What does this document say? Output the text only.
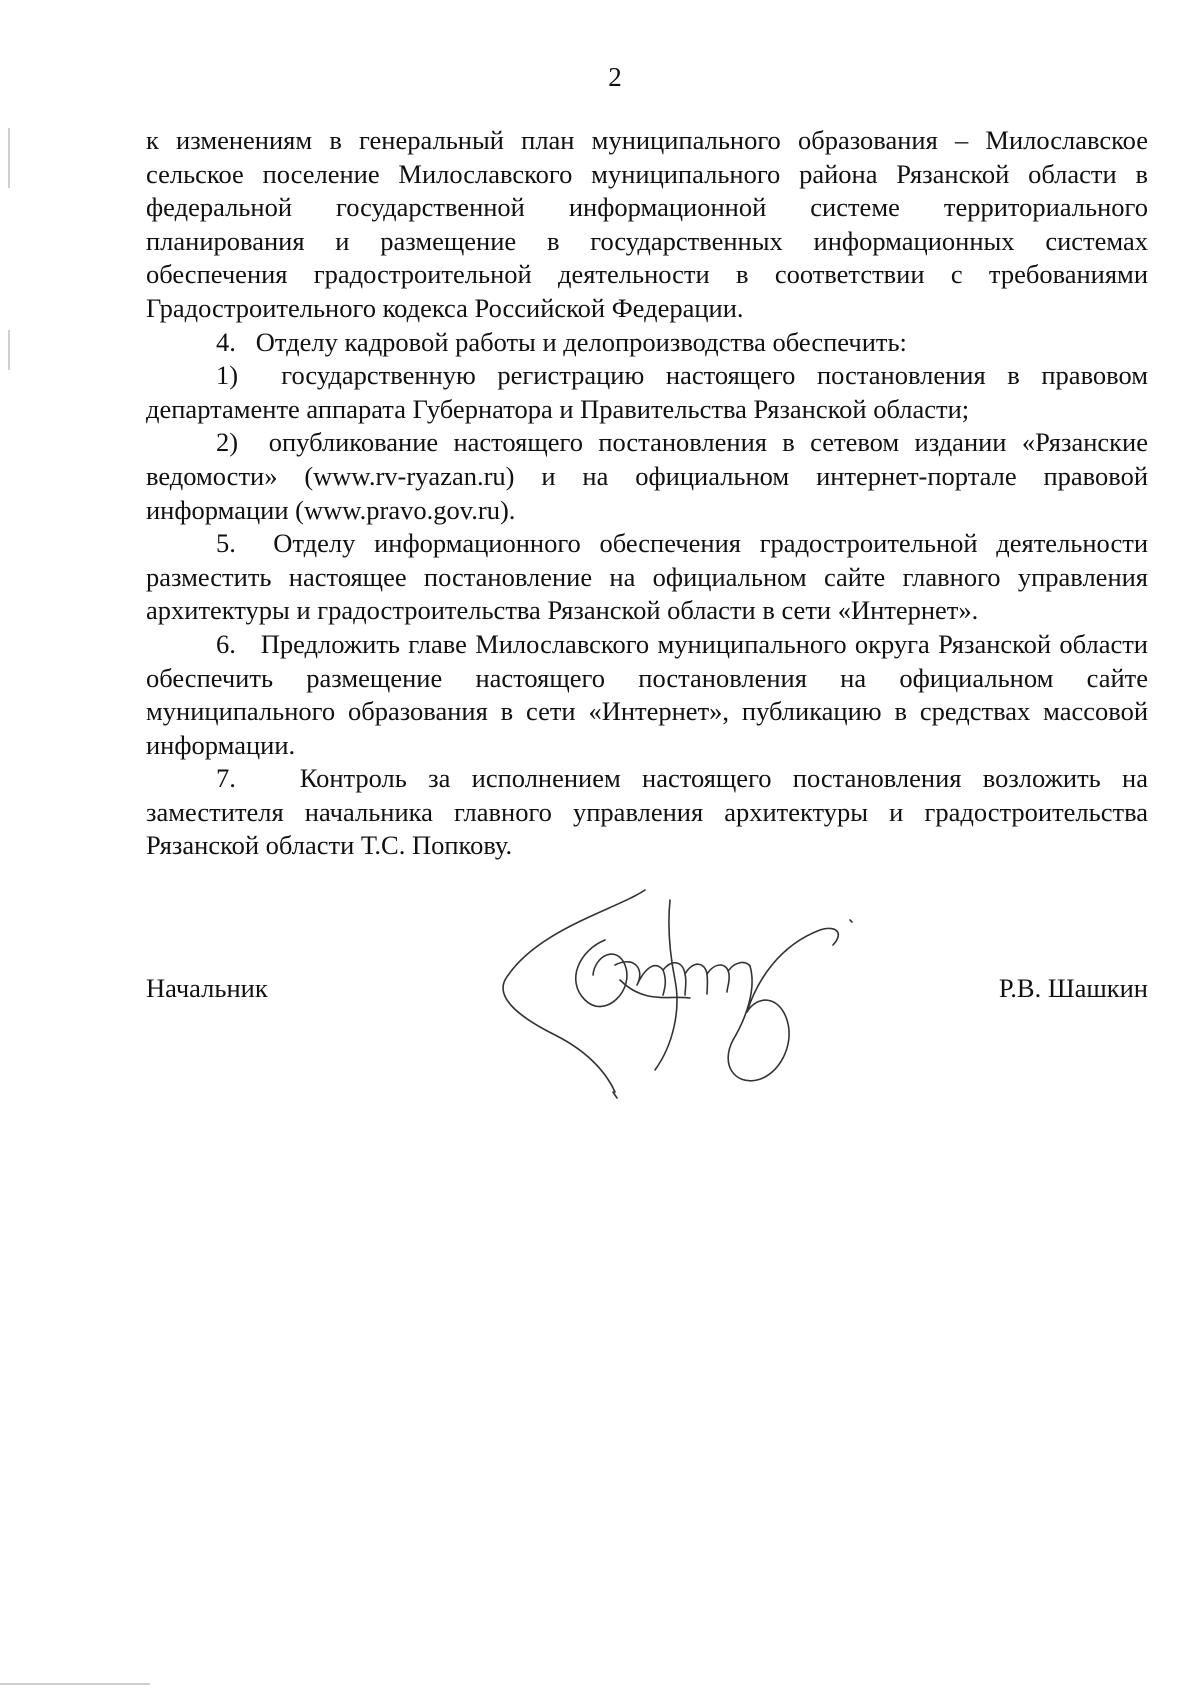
2

к изменениям в генеральный план муниципального образования – Милославское сельское поселение Милославского муниципального района Рязанской области в федеральной государственной информационной системе территориального планирования и размещение в государственных информационных системах обеспечения градостроительной деятельности в соответствии с требованиями Градостроительного кодекса Российской Федерации.

4.   Отделу кадровой работы и делопроизводства обеспечить:

1)  государственную регистрацию настоящего постановления в правовом департаменте аппарата Губернатора и Правительства Рязанской области;

2)  опубликование настоящего постановления в сетевом издании «Рязанские ведомости» (www.rv-ryazan.ru) и на официальном интернет-портале правовой информации (www.pravo.gov.ru).

5.  Отделу информационного обеспечения градостроительной деятельности разместить настоящее постановление на официальном сайте главного управления архитектуры и градостроительства Рязанской области в сети «Интернет».

6.   Предложить главе Милославского муниципального округа Рязанской области обеспечить размещение настоящего постановления на официальном сайте муниципального образования в сети «Интернет», публикацию в средствах массовой информации.

7.   Контроль за исполнением настоящего постановления возложить на заместителя начальника главного управления архитектуры и градостроительства Рязанской области Т.С. Попкову.

Начальник	Р.В. Шашкин
